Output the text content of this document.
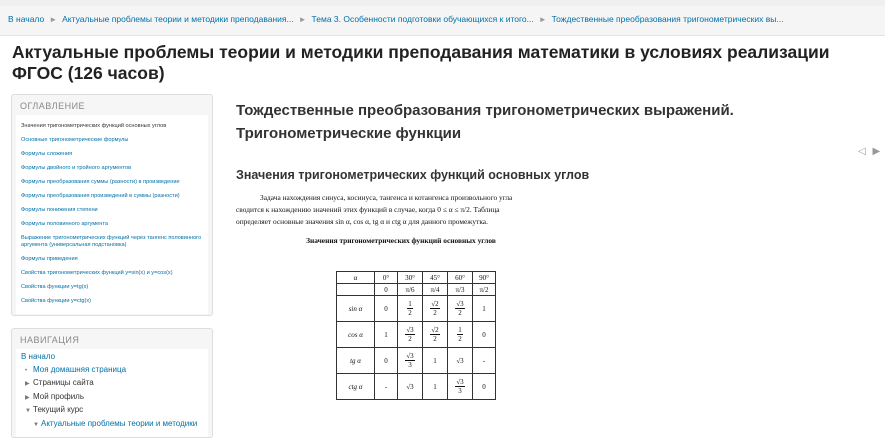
В начало ► Актуальные проблемы теории и методики преподавания... ► Тема 3. Особенности подготовки обучающихся к итого... ► Тождественные преобразования тригонометрических вы...
Актуальные проблемы теории и методики преподавания математики в условиях реализации ФГОС (126 часов)
ОГЛАВЛЕНИЕ
Значения тригонометрических функций основных углов
Основные тригонометрические формулы
Формулы сложения
Формулы двойного и тройного аргументов
Формулы преобразования суммы (разности) в произведение
Формулы преобразования произведений в суммы (разности)
Формулы понижения степени
Формулы половинного аргумента
Выражение тригонометрических функций через тангенс половинного аргумента (универсальная подстановка)
Формулы приведения
Свойства тригонометрических функций y=sin(x) и y=cos(x)
Свойства функции y=tg(x)
Свойства функции y=ctg(x)
НАВИГАЦИЯ
В начало
• Моя домашняя страница
▶ Страницы сайта
▶ Мой профиль
▼ Текущий курс
▼ Актуальные проблемы теории и методики
Тождественные преобразования тригонометрических выражений. Тригонометрические функции
◁ ▶
Значения тригонометрических функций основных углов
Задача нахождения синуса, косинуса, тангенса и котангенса произвольного угла
сводится к нахождению значений этих функций в случае, когда 0 ≤ α ≤ π/2. Таблица
определяет основные значения sin α, cos α, tg α и ctg α для данного промежутка.
Значения тригонометрических функций основных углов
α	0°	30°	45°	60°	90°
	0	π/6	π/4	π/3	π/2
sin α	0	$\frac{1}{2}$	$\frac{√2}{2}$	$\frac{√3}{2}$	1
cos α	1	$\frac{√3}{2}$	$\frac{√2}{2}$	$\frac{1}{2}$	0
tg α	0	$\frac{√3}{3}$	1	√3	-
ctg α	-	√3	1	$\frac{√3}{3}$	0
